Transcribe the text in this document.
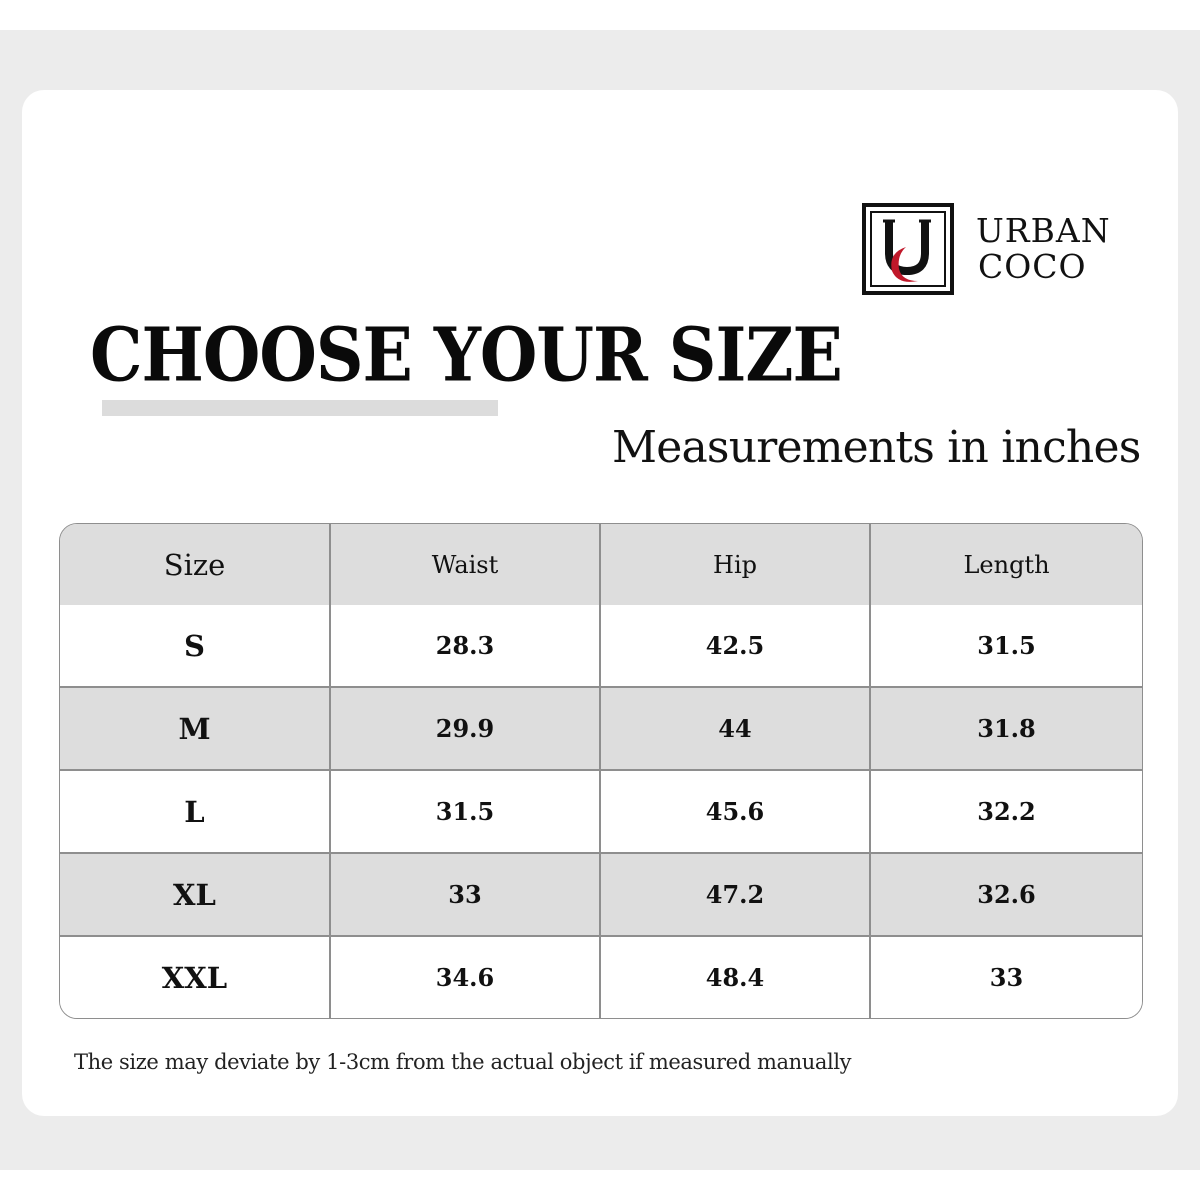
URBAN
COCO
CHOOSE YOUR SIZE
Measurements in inches
Size	Waist	Hip	Length
S	28.3	42.5	31.5
M	29.9	44	31.8
L	31.5	45.6	32.2
XL	33	47.2	32.6
XXL	34.6	48.4	33
The size may deviate by 1-3cm from the actual object if measured manually
